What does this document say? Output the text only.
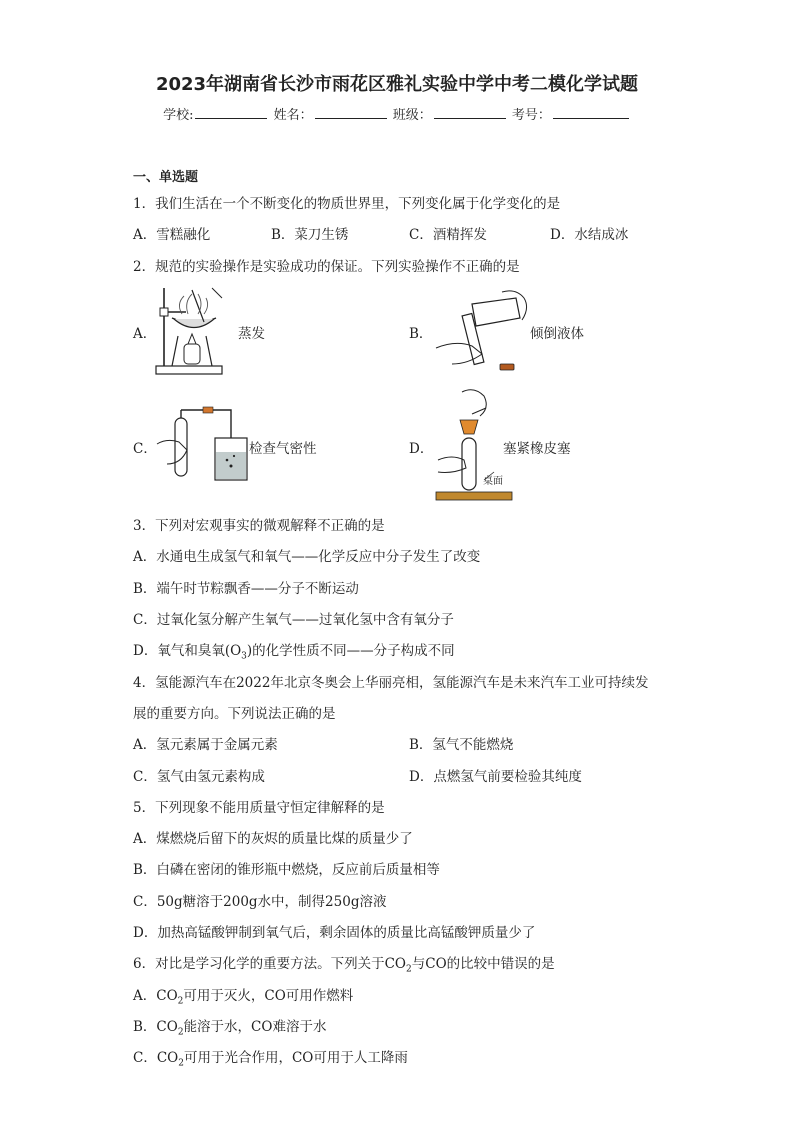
2023年湖南省长沙市雨花区雅礼实验中学中考二模化学试题
学校:	姓名：	班级：	考号：
一、单选题
1．我们生活在一个不断变化的物质世界里，下列变化属于化学变化的是
A．雪糕融化	B．菜刀生锈	C．酒精挥发	D．水结成冰
2．规范的实验操作是实验成功的保证。下列实验操作不正确的是
A．	蒸发	B．	倾倒液体
C．	检查气密性	D．
桌面
塞紧橡皮塞
3．下列对宏观事实的微观解释不正确的是
A．水通电生成氢气和氧气——化学反应中分子发生了改变
B．端午时节粽飘香——分子不断运动
C．过氧化氢分解产生氧气——过氧化氢中含有氧分子
D．氧气和臭氧$(O_3)$的化学性质不同——分子构成不同
4．氢能源汽车在2022年北京冬奥会上华丽亮相，氢能源汽车是未来汽车工业可持续发
展的重要方向。下列说法正确的是
A．氢元素属于金属元素	B．氢气不能燃烧
C．氢气由氢元素构成	D．点燃氢气前要检验其纯度
5．下列现象不能用质量守恒定律解释的是
A．煤燃烧后留下的灰烬的质量比煤的质量少了
B．白磷在密闭的锥形瓶中燃烧，反应前后质量相等
C．50g糖溶于200g水中，制得250g溶液
D．加热高锰酸钾制到氧气后，剩余固体的质量比高锰酸钾质量少了
6．对比是学习化学的重要方法。下列关于$CO_2$与CO的比较中错误的是
A．$CO_2$可用于灭火，CO可用作燃料
B．$CO_2$能溶于水，CO难溶于水
C．$CO_2$可用于光合作用，CO可用于人工降雨
